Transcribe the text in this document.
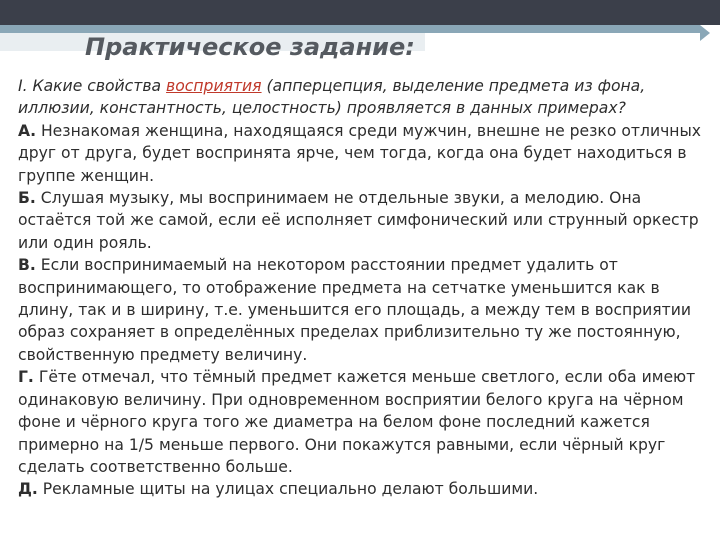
Практическое задание:

I. Какие свойства восприятия (апперцепция, выделение предмета из фона, иллюзии, константность, целостность) проявляется в данных примерах?

А. Незнакомая женщина, находящаяся среди мужчин, внешне не резко отличных друг от друга, будет воспринята ярче, чем тогда, когда она будет находиться в группе женщин.

Б. Слушая музыку, мы воспринимаем не отдельные звуки, а мелодию. Она остаётся той же самой, если её исполняет симфонический или струнный оркестр или один рояль.

В. Если воспринимаемый на некотором расстоянии предмет удалить от воспринимающего, то отображение предмета на сетчатке уменьшится как в длину, так и в ширину, т.е. уменьшится его площадь, а между тем в восприятии образ сохраняет в определённых пределах приблизительно ту же постоянную, свойственную предмету величину.

Г. Гёте отмечал, что тёмный предмет кажется меньше светлого, если оба имеют одинаковую величину. При одновременном восприятии белого круга на чёрном фоне и чёрного круга того же диаметра на белом фоне последний кажется примерно на 1/5 меньше первого. Они покажутся равными, если чёрный круг сделать соответственно больше.

Д. Рекламные щиты на улицах специально делают большими.
